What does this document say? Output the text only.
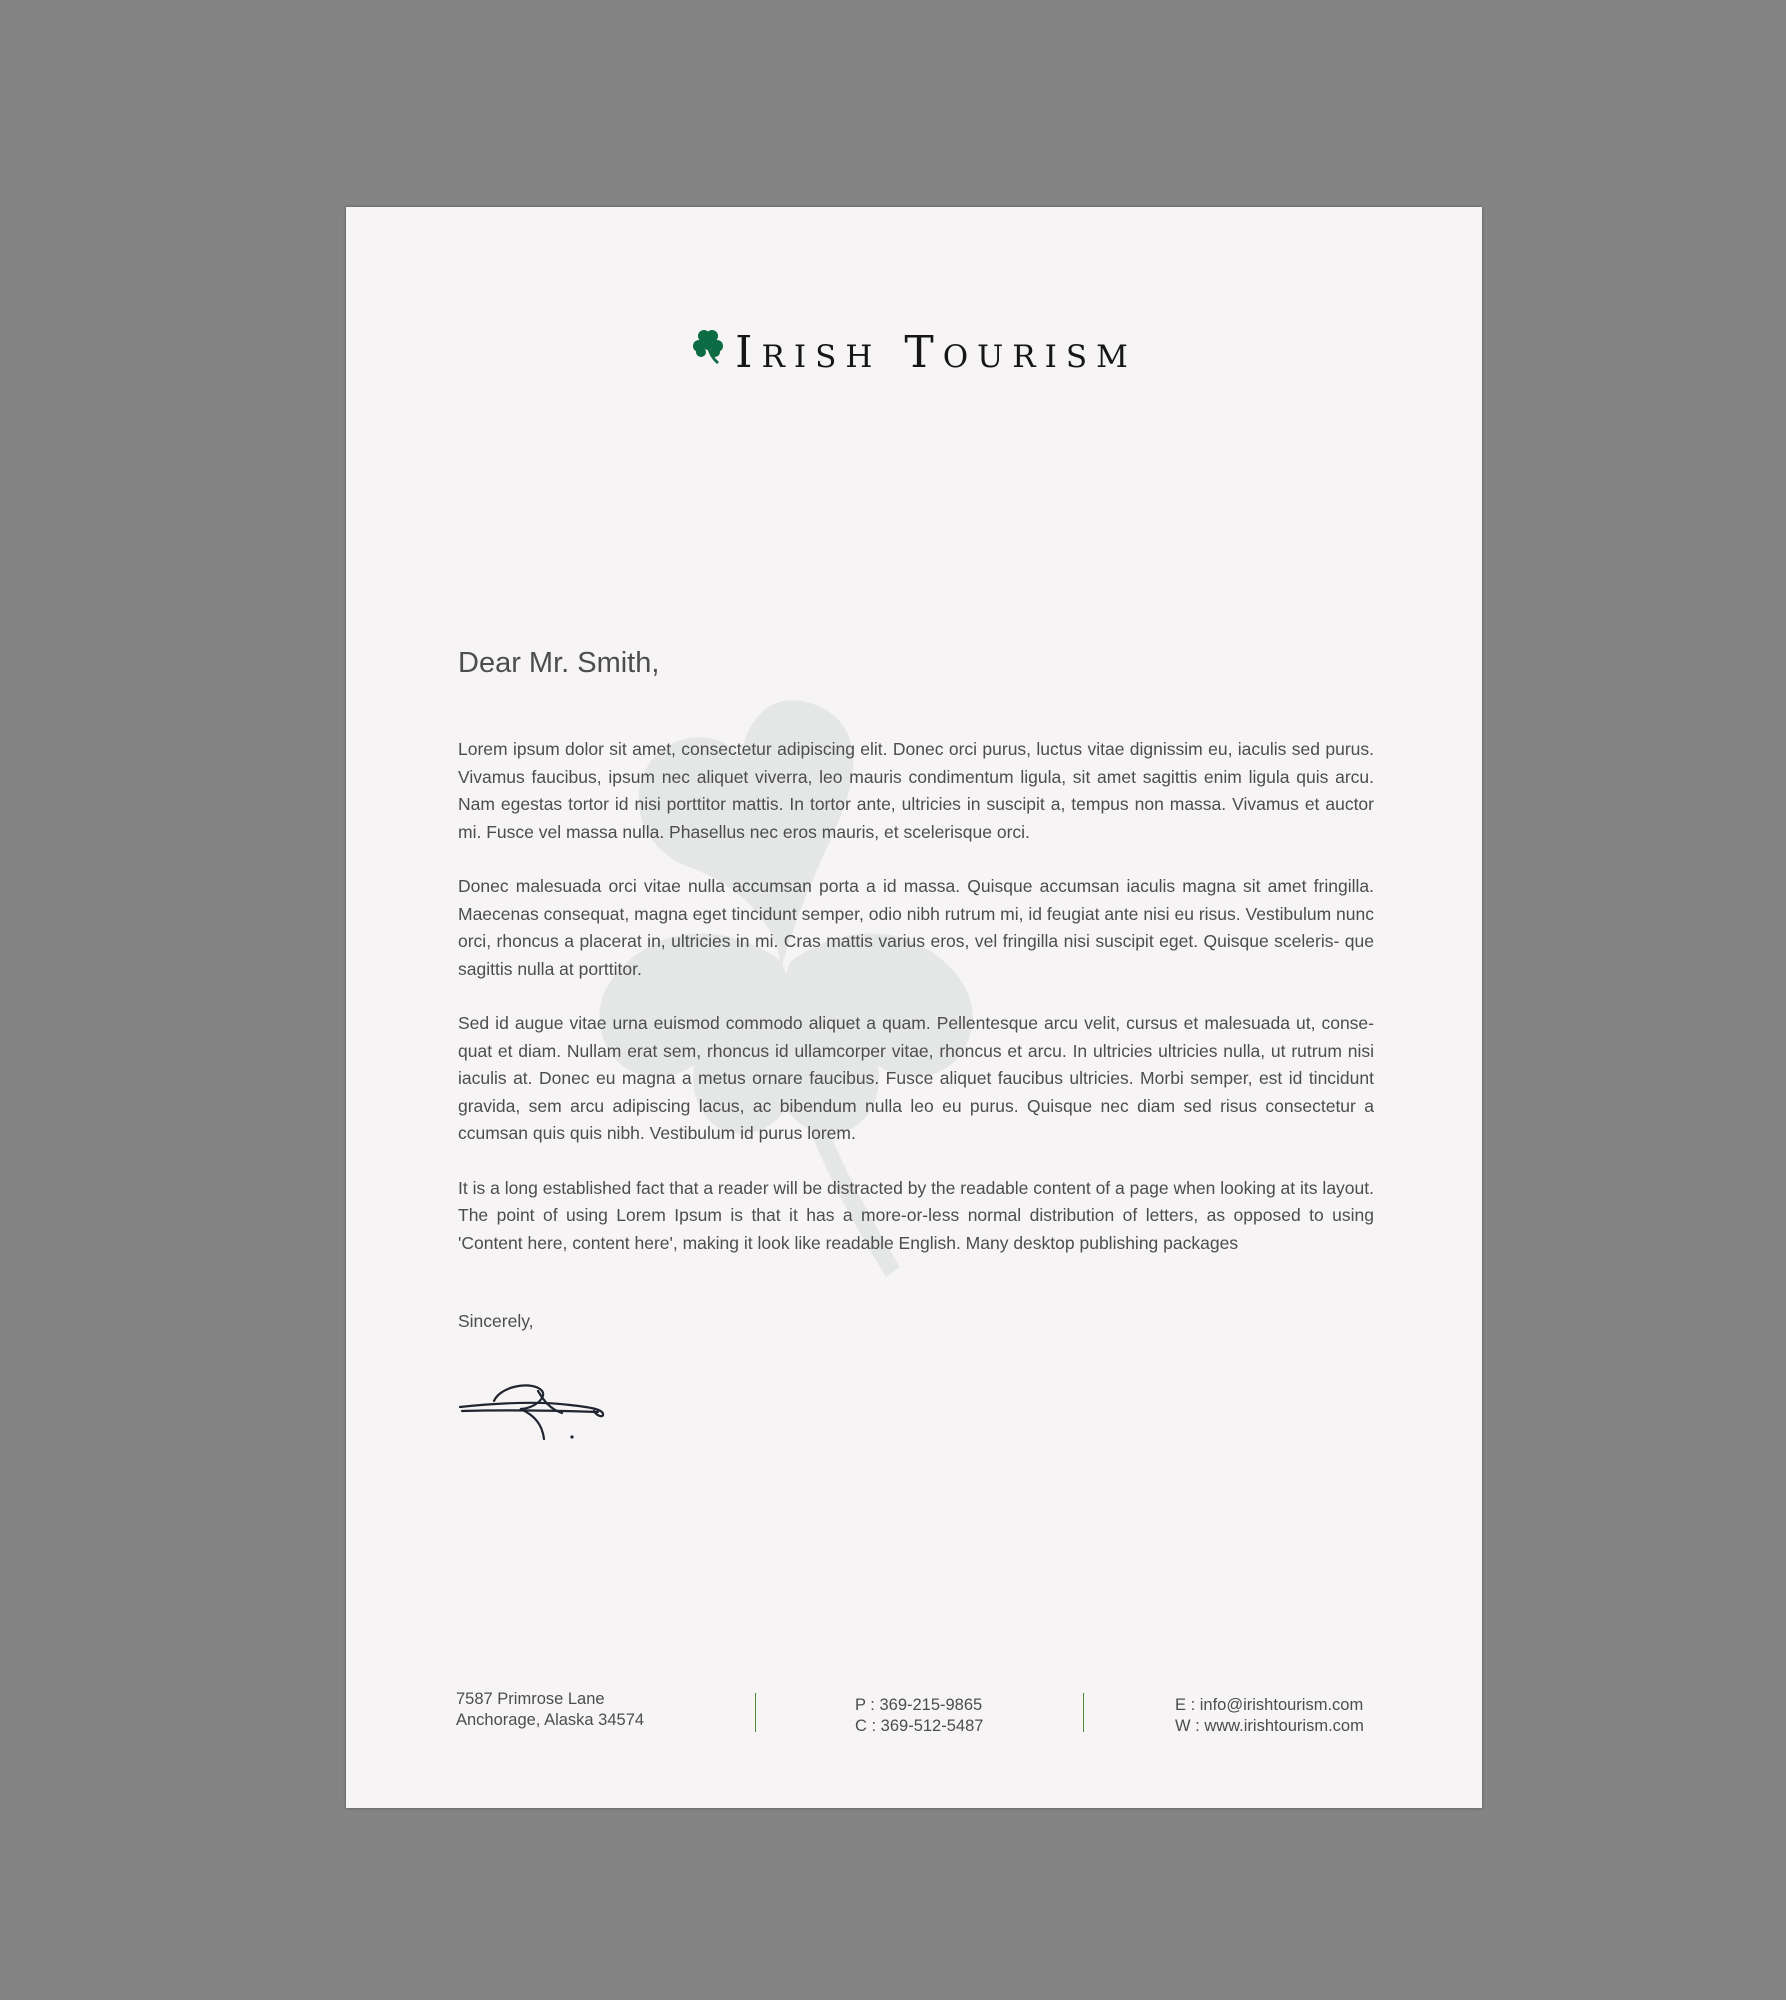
Irish Tourism
Dear Mr. Smith,

Lorem ipsum dolor sit amet, consectetur adipiscing elit. Donec orci purus, luctus vitae dignissim eu, iaculis sed purus. Vivamus faucibus, ipsum nec aliquet viverra, leo mauris condimentum ligula, sit amet sagittis enim ligula quis arcu. Nam egestas tortor id nisi porttitor mattis. In tortor ante, ultricies in suscipit a, tempus non massa. Vivamus et auctor mi. Fusce vel massa nulla. Phasellus nec eros mauris, et scelerisque orci.

Donec malesuada orci vitae nulla accumsan porta a id massa. Quisque accumsan iaculis magna sit amet fringilla. Maecenas consequat, magna eget tincidunt semper, odio nibh rutrum mi, id feugiat ante nisi eu risus. Vestibulum nunc orci, rhoncus a placerat in, ultricies in mi. Cras mattis varius eros, vel fringilla nisi suscipit eget. Quisque sceleris- que sagittis nulla at porttitor.

Sed id augue vitae urna euismod commodo aliquet a quam. Pellentesque arcu velit, cursus et malesuada ut, conse- quat et diam. Nullam erat sem, rhoncus id ullamcorper vitae, rhoncus et arcu. In ultricies ultricies nulla, ut rutrum nisi iaculis at. Donec eu magna a metus ornare faucibus. Fusce aliquet faucibus ultricies. Morbi semper, est id tincidunt gravida, sem arcu adipiscing lacus, ac bibendum nulla leo eu purus. Quisque nec diam sed risus consectetur a ccumsan quis quis nibh. Vestibulum id purus lorem.

It is a long established fact that a reader will be distracted by the readable content of a page when looking at its layout. The point of using Lorem Ipsum is that it has a more-or-less normal distribution of letters, as opposed to using 'Content here, content here', making it look like readable English. Many desktop publishing packages

Sincerely,

7587 Primrose Lane
Anchorage, Alaska 34574
P : 369-215-9865
C : 369-512-5487
E : info@irishtourism.com
W : www.irishtourism.com
